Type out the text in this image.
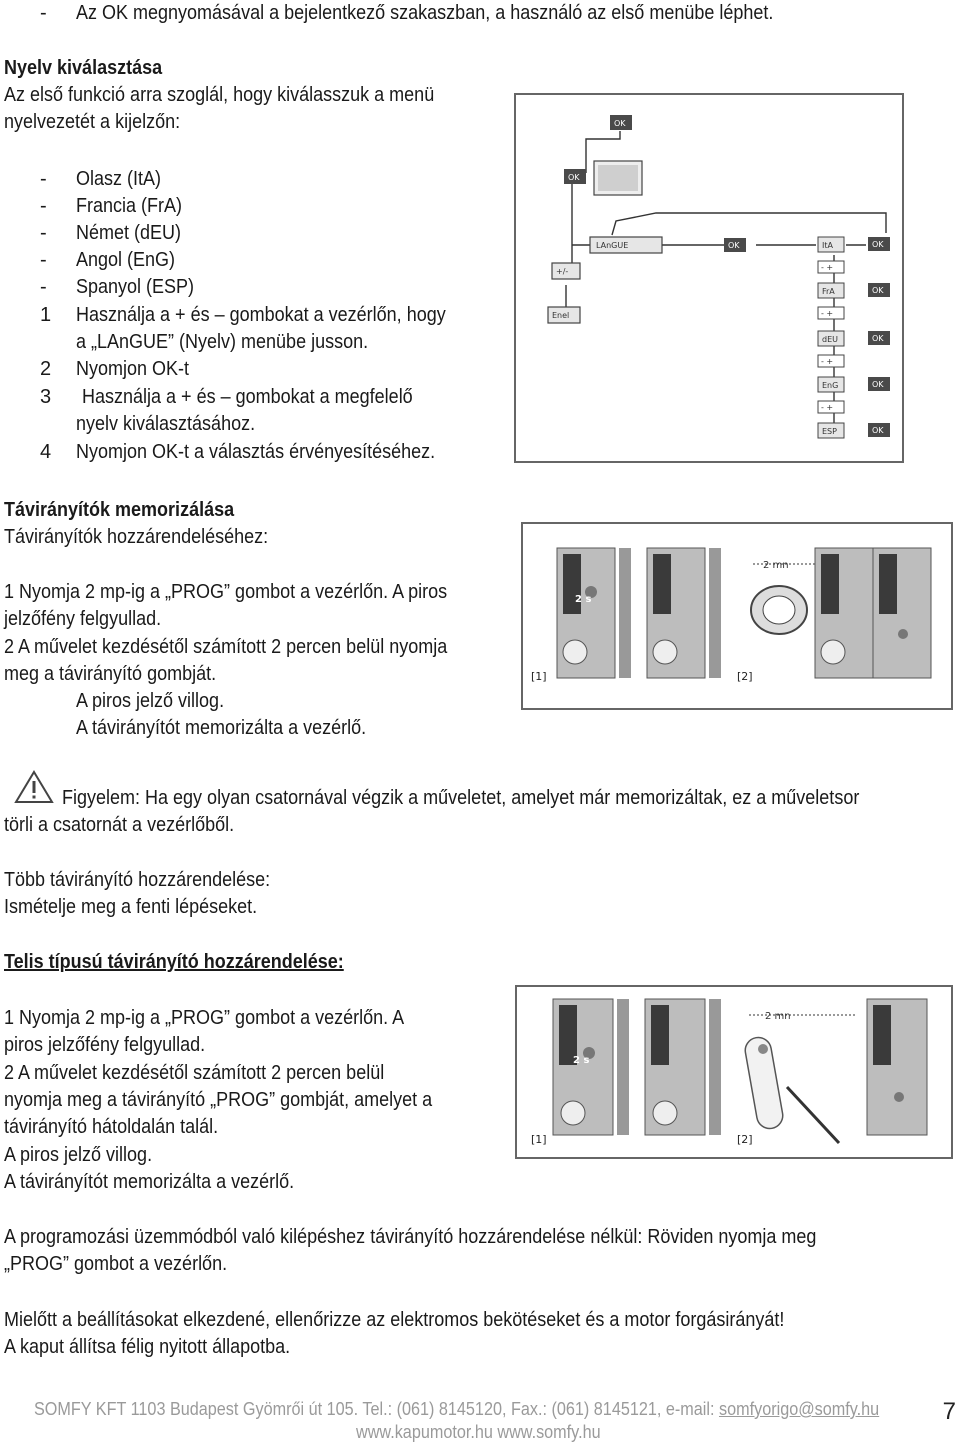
- Az OK megnyomásával a bejelentkező szakaszban, a használó az első menübe léphet.
Nyelv kiválasztása
Az első funkció arra szoglál, hogy kiválasszuk a menü
nyelvezetét a kijelzőn:
- Olasz (ItA)
- Francia (FrA)
- Német (dEU)
- Angol (EnG)
- Spanyol (ESP)
1 Használja a + és – gombokat a vezérlőn, hogy
a „LAnGUE” (Nyelv) menübe jusson.
2 Nyomjon OK-t
3 Használja a + és – gombokat a megfelelő
nyelv kiválasztásához.
4 Nyomjon OK-t a választás érvényesítéséhez.
OK
OK
LAnGUE	OK
+/-
Enel
ItA	OK
- +
FrA	OK
- +
dEU	OK
- +
EnG	OK
- +
ESP	OK
Távirányítók memorizálása
Távirányítók hozzárendeléséhez:
1 Nyomja 2 mp-ig a „PROG” gombot a vezérlőn. A piros
jelzőfény felgyullad.
2 A művelet kezdésétől számított 2 percen belül nyomja
meg a távirányító gombját.
A piros jelző villog.
A távirányítót memorizálta a vezérlő.
2 s
2 mn
[1]	[2]
Figyelem: Ha egy olyan csatornával végzik a műveletet, amelyet már memorizáltak, ez a műveletsor
törli a csatornát a vezérlőből.
Több távirányító hozzárendelése:
Ismételje meg a fenti lépéseket.
Telis típusú távirányító hozzárendelése:
1 Nyomja 2 mp-ig a „PROG” gombot a vezérlőn. A
piros jelzőfény felgyullad.
2 A művelet kezdésétől számított 2 percen belül
nyomja meg a távirányító „PROG” gombját, amelyet a
távirányító hátoldalán talál.
A piros jelző villog.
A távirányítót memorizálta a vezérlő.
2 s
2 mn
[1]	[2]
A programozási üzemmódból való kilépéshez távirányító hozzárendelése nélkül: Röviden nyomja meg
„PROG” gombot a vezérlőn.
Mielőtt a beállításokat elkezdené, ellenőrizze az elektromos bekötéseket és a motor forgásirányát!
A kaput állítsa félig nyitott állapotba.
SOMFY KFT 1103 Budapest Gyömrői út 105. Tel.: (061) 8145120, Fax.: (061) 8145121, e-mail: somfyorigo@somfy.hu
www.kapumotor.hu www.somfy.hu
7
